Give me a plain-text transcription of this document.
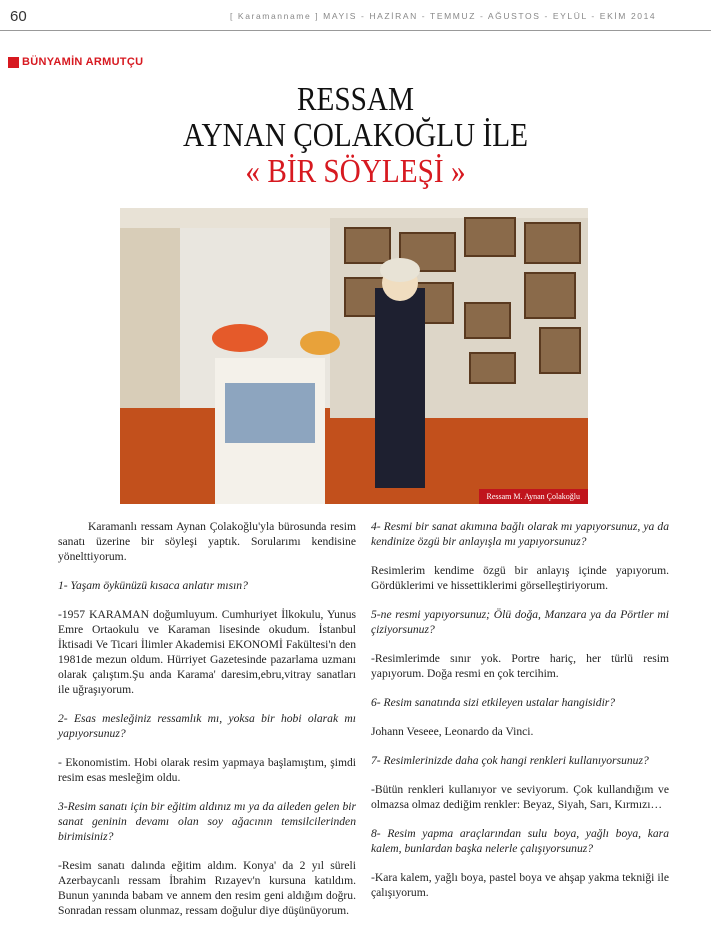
60	[ Karamanname ] MAYIS - HAZİRAN - TEMMUZ - AĞUSTOS - EYLÜL - EKİM 2014
BÜNYAMİN ARMUTÇU
RESSAM
AYNAN ÇOLAKOĞLU İLE
« BİR SÖYLEŞİ »
Ressam M. Aynan Çolakoğlu

Karamanlı ressam Aynan Çolakoğlu'yla bürosunda resim sanatı üzerine bir söyleşi yaptık. Sorularımı kendisine yönelttiyorum.

1- Yaşam öykünüzü kısaca anlatır mısın?

-1957 KARAMAN doğumluyum. Cumhuriyet İlkokulu, Yunus Emre Ortaokulu ve Karaman lisesinde okudum. İstanbul İktisadi Ve Ticari İlimler Akademisi EKONOMİ Fakültesi'n den 1981de mezun oldum. Hürriyet Gazetesinde pazarlama uzmanı olarak çalıştım.Şu anda Karama' daresim,ebru,vitray sanatları ile uğraşıyorum.

2- Esas mesleğiniz ressamlık mı, yoksa bir hobi olarak mı yapıyorsunuz?

- Ekonomistim. Hobi olarak resim yapmaya başlamıştım, şimdi resim esas mesleğim oldu.

3-Resim sanatı için bir eğitim aldınız mı ya da aileden gelen bir sanat geninin devamı olan soy ağacının temsilcilerinden birimisiniz?

-Resim sanatı dalında eğitim aldım. Konya' da 2 yıl süreli Azerbaycanlı ressam İbrahim Rızayev'n kursuna katıldım. Bunun yanında babam ve annem den resim geni aldığım doğru. Sonradan ressam olunmaz, ressam doğulur diye düşünüyorum.

4- Resmi bir sanat akımına bağlı olarak mı yapıyorsunuz, ya da kendinize özgü bir anlayışla mı yapıyorsunuz?

Resimlerim kendime özgü bir anlayış içinde yapıyorum. Gördüklerimi ve hissettiklerimi görselleştiriyorum.

5-ne resmi yapıyorsunuz; Ölü doğa, Manzara ya da Pörtler mi çiziyorsunuz?

-Resimlerimde sınır yok. Portre hariç, her türlü resim yapıyorum. Doğa resmi en çok tercihim.

6- Resim sanatında sizi etkileyen ustalar hangisidir?

Johann Veseee, Leonardo da Vinci.

7- Resimlerinizde daha çok hangi renkleri kullanıyorsunuz?

-Bütün renkleri kullanıyor ve seviyorum. Çok kullandığım ve olmazsa olmaz dediğim renkler: Beyaz, Siyah, Sarı, Kırmızı…

8- Resim yapma araçlarından sulu boya, yağlı boya, kara kalem, bunlardan başka nelerle çalışıyorsunuz?

-Kara kalem, yağlı boya, pastel boya ve ahşap yakma tekniği ile çalışıyorum.
